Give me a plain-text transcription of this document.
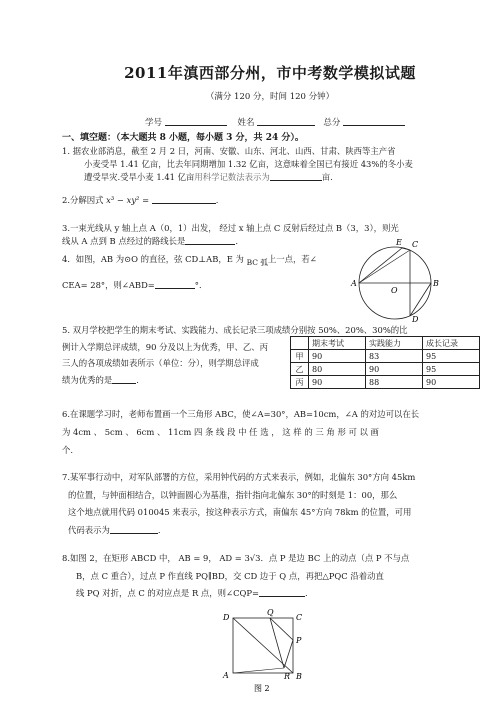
2011年滇西部分州，市中考数学模拟试题
（满分 120 分，时间 120 分钟）
学号	姓名	总分
一、填空题：（本大题共 8 小题，每小题 3 分，共 24 分）。
1. 据农业部消息，截至 2 月 2 日，河南、安徽、山东、河北、山西、甘肃、陕西等主产省
小麦受旱 1.41 亿亩，比去年同期增加 1.32 亿亩，这意味着全国已有接近 43%的冬小麦
遭受旱灾.受旱小麦 1.41 亿亩用科学记数法表示为	亩.
2.分解因式 x³ − xy² =	.
3.一束光线从 y 轴上点 A（0，1）出发， 经过 x 轴上点 C 反射后经过点 B（3，3），则光
线从 A 点到 B 点经过的路线长是	.
4．如图，AB 为⊙O 的直径，弦 CD⊥AB，E 为 BC 弧上一点，若∠
CEA= 28°，则∠ABD=	°．	A	B
C
D
E
O
5. 双月学校把学生的期末考试、实践能力、成长记录三项成绩分别按 50%、20%、30%的比
例计入学期总评成绩，90 分及以上为优秀，甲、乙、丙
三人的各项成绩如表所示（单位：分），则学期总评成
绩为优秀的是	.
	期末考试	实践能力	成长记录
甲	90	83	95
乙	80	90	95
丙	90	88	90
6.在课题学习时，老师布置画一个三角形 ABC，使∠A=30°，AB=10cm，∠A 的对边可以在长
为 4cm 、 5cm 、 6cm 、 11cm 四 条 线 段 中 任 选 ， 这 样 的 三 角 形 可 以 画
个.
7.某军事行动中，对军队部署的方位，采用钟代码的方式来表示，例如，北偏东 30°方向 45km
的位置，与钟面相结合，以钟面圆心为基准，指针指向北偏东 30°的时刻是 1：00，那么
这个地点就用代码 010045 来表示，按这种表示方式，南偏东 45°方向 78km 的位置，可用
代码表示为	.
8.如图 2，在矩形 ABCD 中， AB = 9， AD = 3√3．点 P 是边 BC 上的动点（点 P 不与点
B，点 C 重合），过点 P 作直线 PQ∥BD，交 CD 边于 Q 点，再把△PQC 沿着动直
线 PQ 对折，点 C 的对应点是 R 点，则∠CQP=	.
D
Q
C
P
A	R B
图 2
